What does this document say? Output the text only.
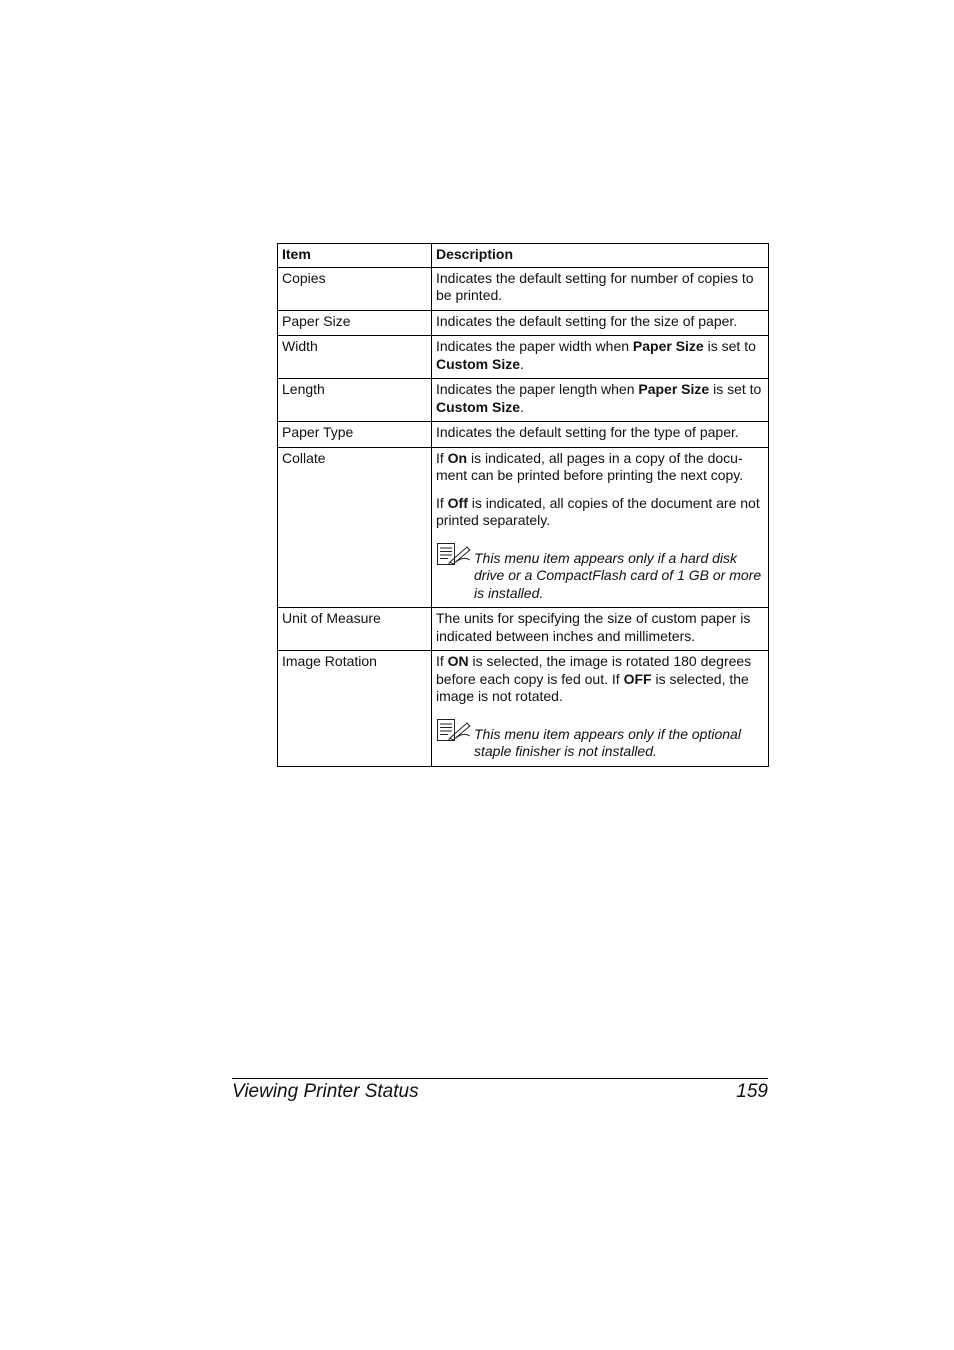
Item	Description
Copies	Indicates the default setting for number of copies to be printed.

Paper Size	Indicates the default setting for the size of paper.

Width	Indicates the paper width when Paper Size is set to Custom Size.

Length	Indicates the paper length when Paper Size is set to Custom Size.

Paper Type	Indicates the default setting for the type of paper.

Collate	If On is indicated, all pages in a copy of the docu-ment can be printed before printing the next copy.

If Off is indicated, all copies of the document are not printed separately.

This menu item appears only if a hard disk drive or a CompactFlash card of 1 GB or more is installed.

Unit of Measure	The units for specifying the size of custom paper is indicated between inches and millimeters.

Image Rotation	If ON is selected, the image is rotated 180 degrees before each copy is fed out. If OFF is selected, the image is not rotated.

This menu item appears only if the optional staple finisher is not installed.
Viewing Printer Status	159
